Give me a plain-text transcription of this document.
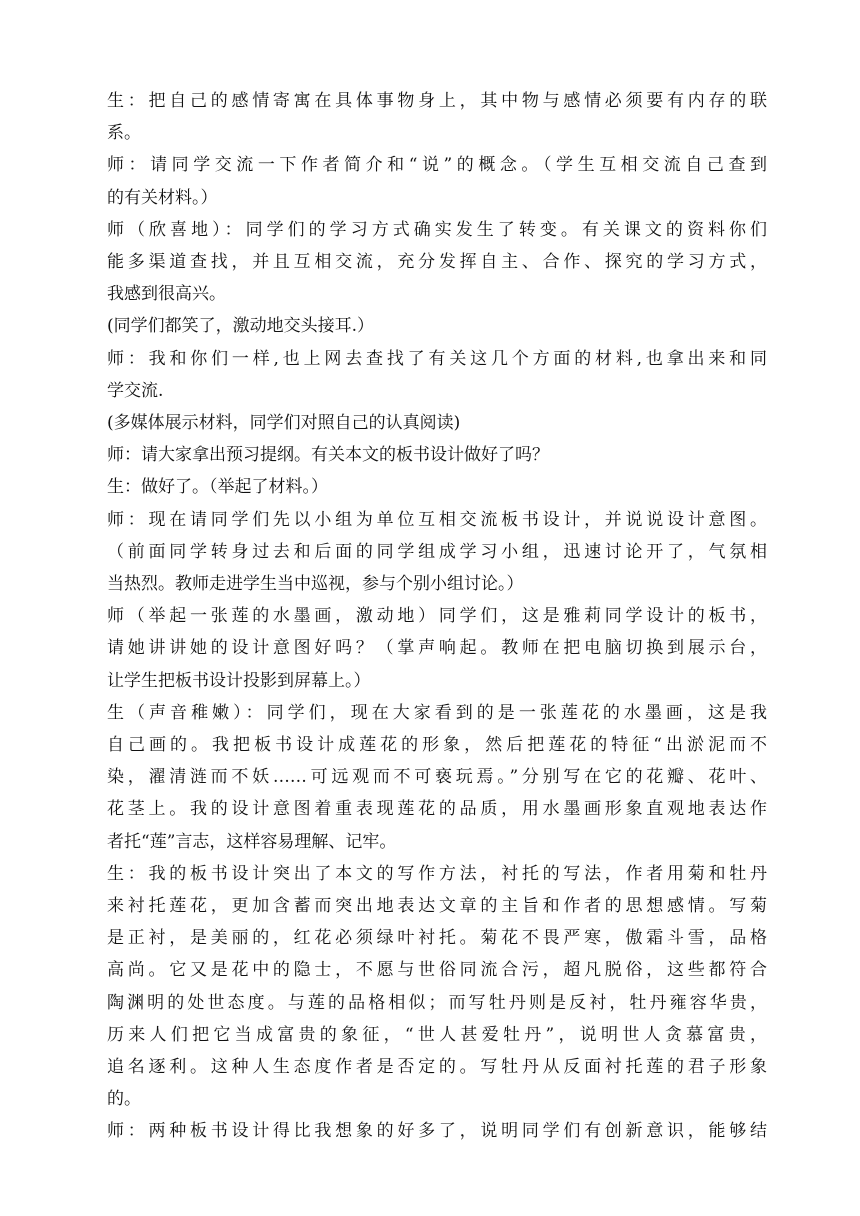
生：把自己的感情寄寓在具体事物身上，其中物与感情必须要有内存的联
系。
师：请同学交流一下作者简介和“说”的概念。（学生互相交流自己查到
的有关材料。）
师（欣喜地）：同学们的学习方式确实发生了转变。有关课文的资料你们
能多渠道查找，并且互相交流，充分发挥自主、合作、探究的学习方式，
我感到很高兴。
(同学们都笑了，激动地交头接耳.）
师：我和你们一样,也上网去查找了有关这几个方面的材料,也拿出来和同
学交流.
(多媒体展示材料，同学们对照自己的认真阅读)
师：请大家拿出预习提纲。有关本文的板书设计做好了吗？
生：做好了。（举起了材料。）
师：现在请同学们先以小组为单位互相交流板书设计，并说说设计意图。
（前面同学转身过去和后面的同学组成学习小组，迅速讨论开了，气氛相
当热烈。教师走进学生当中巡视，参与个别小组讨论。）
师（举起一张莲的水墨画，激动地）同学们，这是雅莉同学设计的板书，
请她讲讲她的设计意图好吗？（掌声响起。教师在把电脑切换到展示台，
让学生把板书设计投影到屏幕上。）
生（声音稚嫩）：同学们，现在大家看到的是一张莲花的水墨画，这是我
自己画的。我把板书设计成莲花的形象，然后把莲花的特征“出淤泥而不
染，濯清涟而不妖……可远观而不可亵玩焉。”分别写在它的花瓣、花叶、
花茎上。我的设计意图着重表现莲花的品质，用水墨画形象直观地表达作
者托“莲”言志，这样容易理解、记牢。
生：我的板书设计突出了本文的写作方法，衬托的写法，作者用菊和牡丹
来衬托莲花，更加含蓄而突出地表达文章的主旨和作者的思想感情。写菊
是正衬，是美丽的，红花必须绿叶衬托。菊花不畏严寒，傲霜斗雪，品格
高尚。它又是花中的隐士，不愿与世俗同流合污，超凡脱俗，这些都符合
陶渊明的处世态度。与莲的品格相似；而写牡丹则是反衬，牡丹雍容华贵，
历来人们把它当成富贵的象征，“世人甚爱牡丹”，说明世人贪慕富贵，
追名逐利。这种人生态度作者是否定的。写牡丹从反面衬托莲的君子形象
的。
师：两种板书设计得比我想象的好多了，说明同学们有创新意识，能够结
